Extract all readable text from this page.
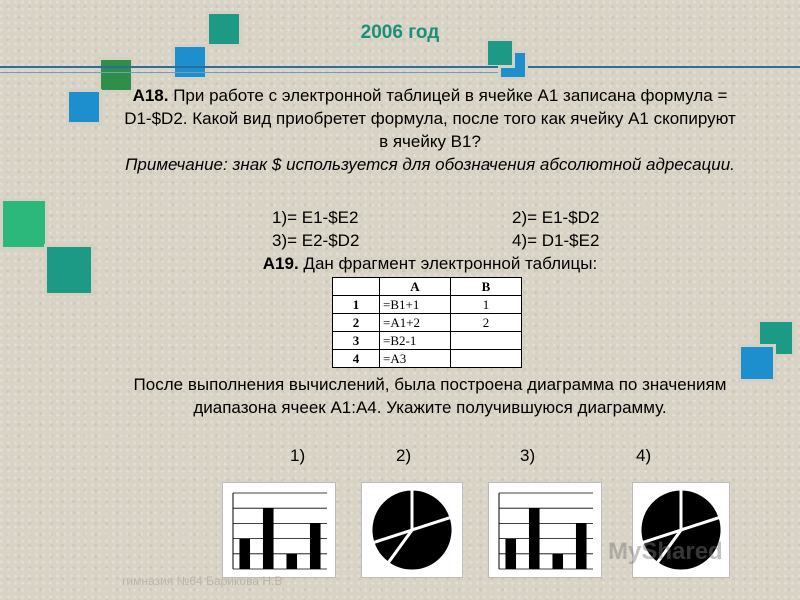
2006 год
А18. При работе с электронной таблицей в ячейке A1 записана формула = D1-$D2. Какой вид приобретет формула, после того как ячейку A1 скопируют в ячейку B1?
Примечание: знак $ используется для обозначения абсолютной адресации.
1)= E1-$E2	2)= E1-$D2
3)= E2-$D2	4)= D1-$E2
А19. Дан фрагмент электронной таблицы:
	A	B
1	=B1+1	1
2	=A1+2	2
3	=B2-1	
4	=A3	
После выполнения вычислений, была построена диаграмма по значениям диапазона ячеек A1:A4. Укажите получившуюся диаграмму.
1)	2)	3)	4)
гимназия №64 Барикова Н.В
MyShared
